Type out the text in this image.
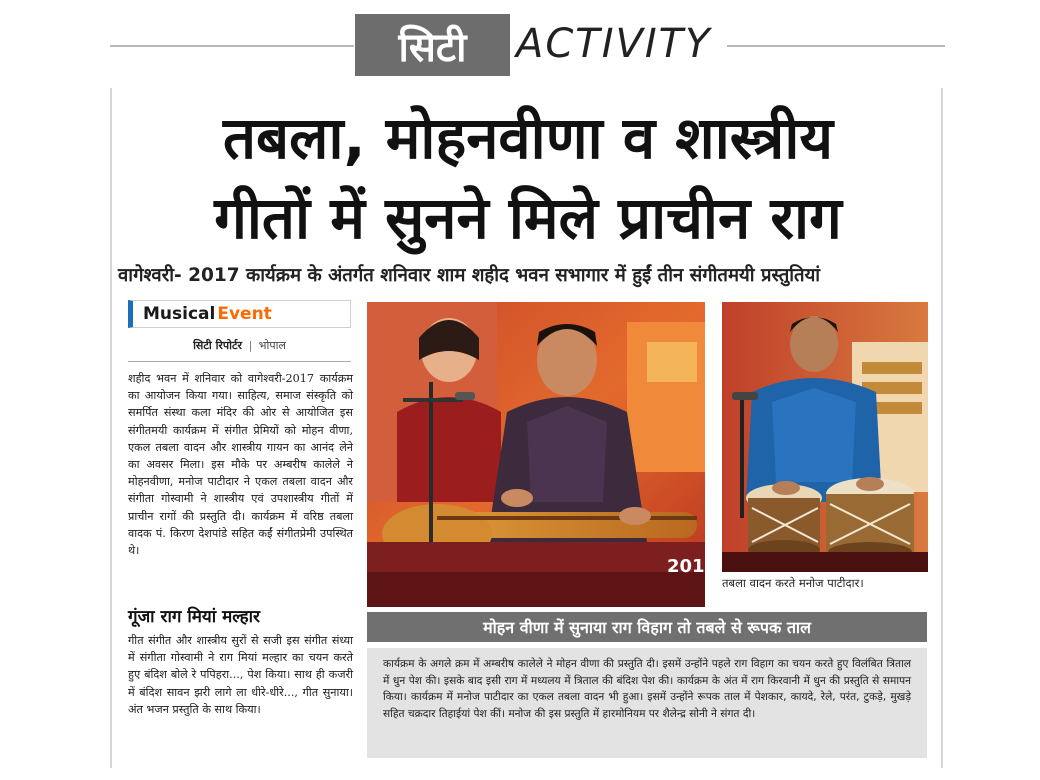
सिटी	ACTIVITY
तबला, मोहनवीणा व शास्त्रीय
गीतों में सुनने मिले प्राचीन राग
वागेश्वरी- 2017 कार्यक्रम के अंतर्गत शनिवार शाम शहीद भवन सभागार में हुईं तीन संगीतमयी प्रस्तुतियां
Musical Event
सिटी रिपोर्टर | भोपाल
शहीद भवन में शनिवार को वागेश्वरी-2017 कार्यक्रम का आयोजन किया गया। साहित्य, समाज संस्कृति को समर्पित संस्था कला मंदिर की ओर से आयोजित इस संगीतमयी कार्यक्रम में संगीत प्रेमियों को मोहन वीणा, एकल तबला वादन और शास्त्रीय गायन का आनंद लेने का अवसर मिला। इस मौके पर अम्बरीष कालेले ने मोहनवीणा, मनोज पाटीदार ने एकल तबला वादन और संगीता गोस्वामी ने शास्त्रीय एवं उपशास्त्रीय गीतों में प्राचीन रागों की प्रस्तुति दी। कार्यक्रम में वरिष्ठ तबला वादक पं. किरण देशपांडे सहित कईं संगीतप्रेमी उपस्थित थे।
गूंजा राग मियां मल्हार
गीत संगीत और शास्त्रीय सुरों से सजी इस संगीत संध्या में संगीता गोस्वामी ने राग मियां मल्हार का चयन करते हुए बंदिश बोले रे पपिहरा..., पेश किया। साथ ही कजरी में बंदिश सावन झरी लागे ला धीरे-धीरे..., गीत सुनाया। अंत भजन प्रस्तुति के साथ किया।
2017
तबला वादन करते मनोज पाटीदार।
मोहन वीणा में सुनाया राग विहाग तो तबले से रूपक ताल
कार्यक्रम के अगले क्रम में अम्बरीष कालेले ने मोहन वीणा की प्रस्तुति दी। इसमें उन्होंने पहले राग विहाग का चयन करते हुए विलंबित त्रिताल में धुन पेश की। इसके बाद इसी राग में मध्यलय में त्रिताल की बंदिश पेश की। कार्यक्रम के अंत में राग किरवानी में धुन की प्रस्तुति से समापन किया। कार्यक्रम में मनोज पाटीदार का एकल तबला वादन भी हुआ। इसमें उन्होंने रूपक ताल में पेशकार, कायदे, रेले, परंत, टुकड़े, मुखड़े सहित चक्रदार तिहाईयां पेश कीं। मनोज की इस प्रस्तुति में हारमोनियम पर शैलेन्द्र सोनी ने संगत दी।
